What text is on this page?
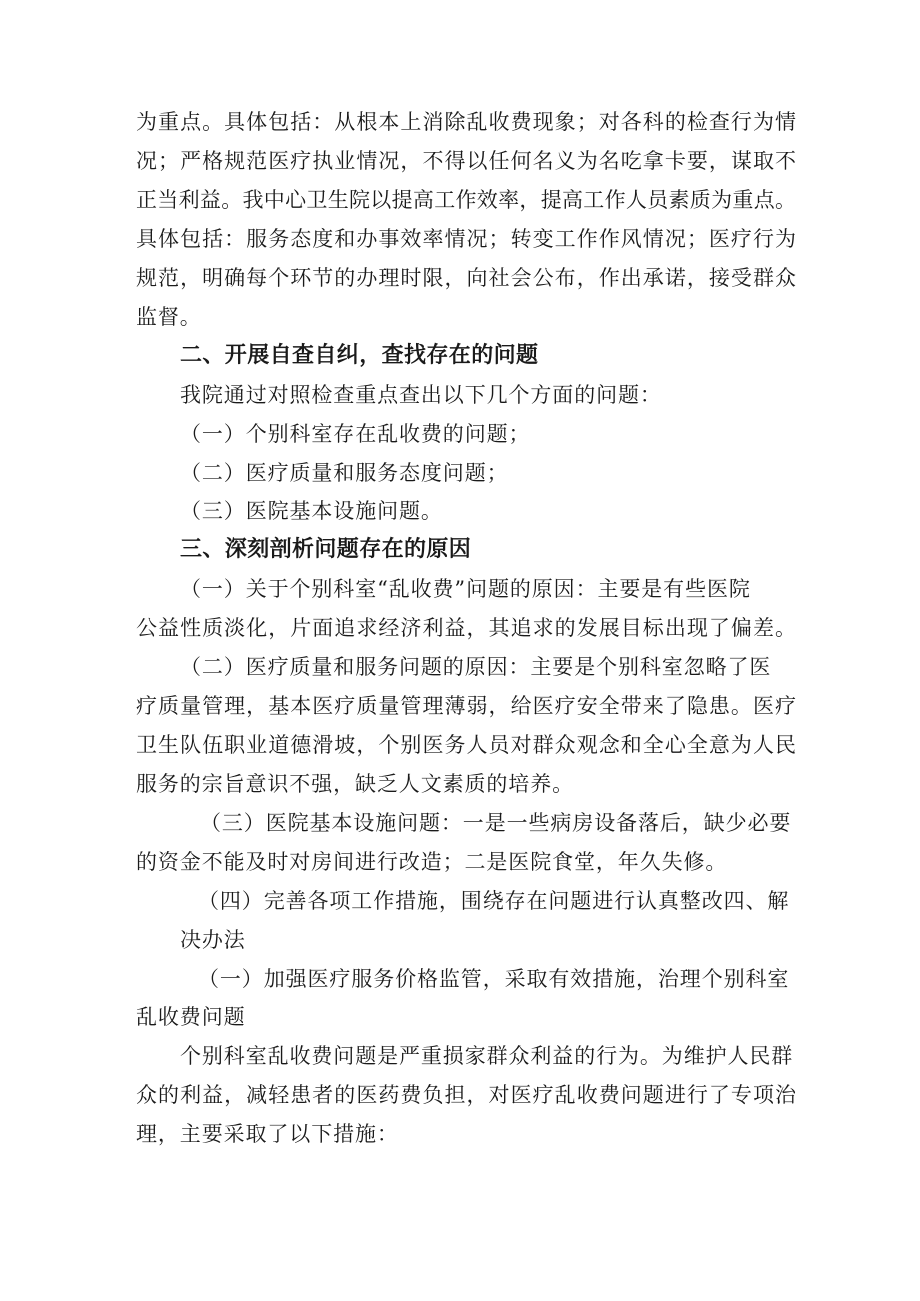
为重点。具体包括：从根本上消除乱收费现象；对各科的检查行为情
况；严格规范医疗执业情况，不得以任何名义为名吃拿卡要，谋取不
正当利益。我中心卫生院以提高工作效率，提高工作人员素质为重点。
具体包括：服务态度和办事效率情况；转变工作作风情况；医疗行为
规范，明确每个环节的办理时限，向社会公布，作出承诺，接受群众
监督。
二、开展自查自纠，查找存在的问题
我院通过对照检查重点查出以下几个方面的问题：
（一）个别科室存在乱收费的问题；
（二）医疗质量和服务态度问题；
（三）医院基本设施问题。
三、深刻剖析问题存在的原因
（一）关于个别科室“乱收费”问题的原因：主要是有些医院
公益性质淡化，片面追求经济利益，其追求的发展目标出现了偏差。
（二）医疗质量和服务问题的原因：主要是个别科室忽略了医
疗质量管理，基本医疗质量管理薄弱，给医疗安全带来了隐患。医疗
卫生队伍职业道德滑坡，个别医务人员对群众观念和全心全意为人民
服务的宗旨意识不强，缺乏人文素质的培养。
（三）医院基本设施问题：一是一些病房设备落后，缺少必要
的资金不能及时对房间进行改造；二是医院食堂，年久失修。
（四）完善各项工作措施，围绕存在问题进行认真整改四、解
决办法
（一）加强医疗服务价格监管，采取有效措施，治理个别科室
乱收费问题
个别科室乱收费问题是严重损家群众利益的行为。为维护人民群
众的利益，减轻患者的医药费负担，对医疗乱收费问题进行了专项治
理，主要采取了以下措施：
